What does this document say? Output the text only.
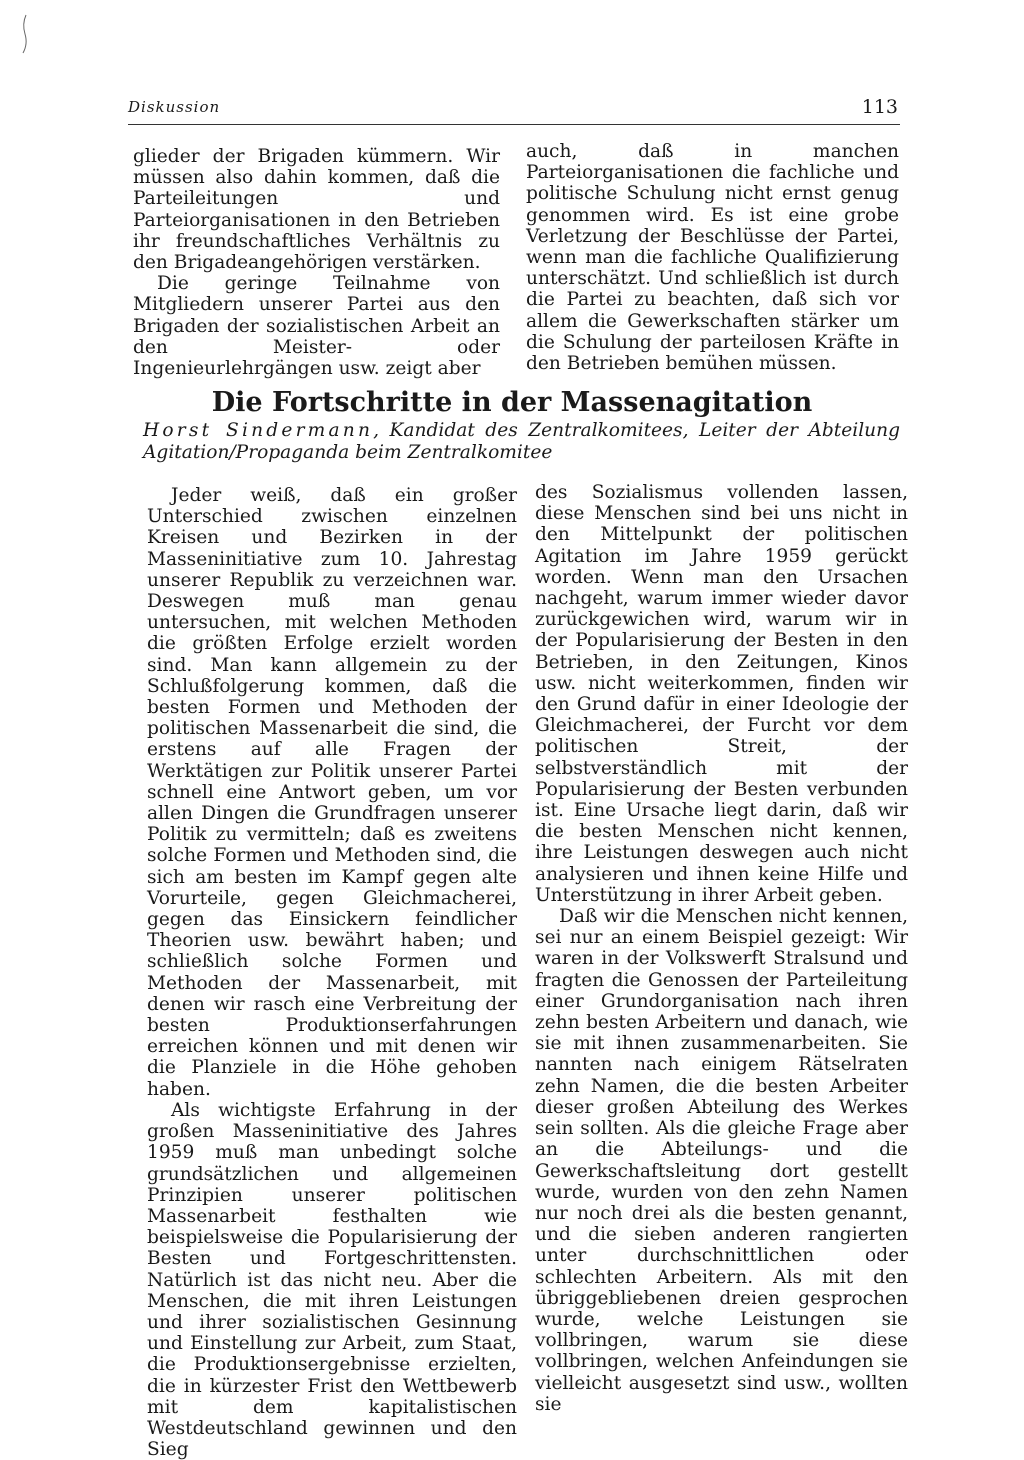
Diskussion	113

glieder der Brigaden kümmern. Wir müssen also dahin kommen, daß die Parteileitungen und Parteiorganisationen in den Betrieben ihr freundschaftliches Verhältnis zu den Brigadeangehörigen verstärken.

Die geringe Teilnahme von Mitgliedern unserer Partei aus den Brigaden der sozialistischen Arbeit an den Meister- oder Ingenieurlehrgängen usw. zeigt aber

auch, daß in manchen Parteiorganisationen die fachliche und politische Schulung nicht ernst genug genommen wird. Es ist eine grobe Verletzung der Beschlüsse der Partei, wenn man die fachliche Qualifizierung unterschätzt. Und schließlich ist durch die Partei zu beachten, daß sich vor allem die Gewerkschaften stärker um die Schulung der parteilosen Kräfte in den Betrieben bemühen müssen.

Die Fortschritte in der Massenagitation
Horst Sindermann, Kandidat des Zentralkomitees, Leiter der Abteilung Agitation/Propaganda beim Zentralkomitee

Jeder weiß, daß ein großer Unterschied zwischen einzelnen Kreisen und Bezirken in der Masseninitiative zum 10. Jahrestag unserer Republik zu verzeichnen war. Deswegen muß man genau untersuchen, mit welchen Methoden die größten Erfolge erzielt worden sind. Man kann allgemein zu der Schlußfolgerung kommen, daß die besten Formen und Methoden der politischen Massenarbeit die sind, die erstens auf alle Fragen der Werktätigen zur Politik unserer Partei schnell eine Antwort geben, um vor allen Dingen die Grundfragen unserer Politik zu vermitteln; daß es zweitens solche Formen und Methoden sind, die sich am besten im Kampf gegen alte Vorurteile, gegen Gleichmacherei, gegen das Einsickern feindlicher Theorien usw. bewährt haben; und schließlich solche Formen und Methoden der Massenarbeit, mit denen wir rasch eine Verbreitung der besten Produktionserfahrungen erreichen können und mit denen wir die Planziele in die Höhe gehoben haben.

Als wichtigste Erfahrung in der großen Masseninitiative des Jahres 1959 muß man unbedingt solche grundsätzlichen und allgemeinen Prinzipien unserer politischen Massenarbeit festhalten wie beispielsweise die Popularisierung der Besten und Fortgeschrittensten. Natürlich ist das nicht neu. Aber die Menschen, die mit ihren Leistungen und ihrer sozialistischen Gesinnung und Einstellung zur Arbeit, zum Staat, die Produktionsergebnisse erzielten, die in kürzester Frist den Wettbewerb mit dem kapitalistischen Westdeutschland gewinnen und den Sieg

des Sozialismus vollenden lassen, diese Menschen sind bei uns nicht in den Mittelpunkt der politischen Agitation im Jahre 1959 gerückt worden. Wenn man den Ursachen nachgeht, warum immer wieder davor zurückgewichen wird, warum wir in der Popularisierung der Besten in den Betrieben, in den Zeitungen, Kinos usw. nicht weiterkommen, finden wir den Grund dafür in einer Ideologie der Gleichmacherei, der Furcht vor dem politischen Streit, der selbstverständlich mit der Popularisierung der Besten verbunden ist. Eine Ursache liegt darin, daß wir die besten Menschen nicht kennen, ihre Leistungen deswegen auch nicht analysieren und ihnen keine Hilfe und Unterstützung in ihrer Arbeit geben.

Daß wir die Menschen nicht kennen, sei nur an einem Beispiel gezeigt: Wir waren in der Volkswerft Stralsund und fragten die Genossen der Parteileitung einer Grundorganisation nach ihren zehn besten Arbeitern und danach, wie sie mit ihnen zusammenarbeiten. Sie nannten nach einigem Rätselraten zehn Namen, die die besten Arbeiter dieser großen Abteilung des Werkes sein sollten. Als die gleiche Frage aber an die Abteilungs- und die Gewerkschaftsleitung dort gestellt wurde, wurden von den zehn Namen nur noch drei als die besten genannt, und die sieben anderen rangierten unter durchschnittlichen oder schlechten Arbeitern. Als mit den übriggebliebenen dreien gesprochen wurde, welche Leistungen sie vollbringen, warum sie diese vollbringen, welchen Anfeindungen sie vielleicht ausgesetzt sind usw., wollten sie
